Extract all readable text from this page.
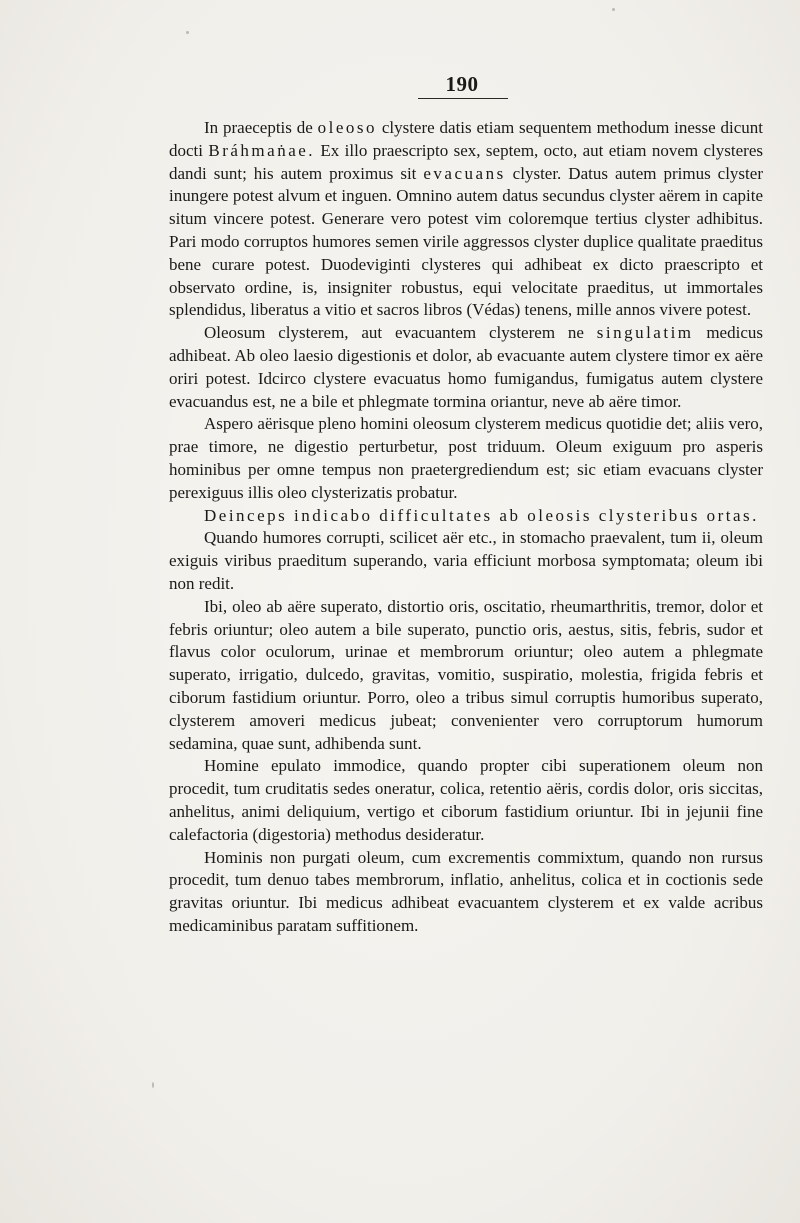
190

In praeceptis de oleoso clystere datis etiam sequentem methodum inesse dicunt docti Bráhmaṅae. Ex illo praescripto sex, septem, octo, aut etiam novem clysteres dandi sunt; his autem proximus sit evacuans clyster. Datus autem primus clyster inungere potest alvum et inguen. Omnino autem datus secundus clyster aërem in capite situm vincere potest. Generare vero potest vim coloremque tertius clyster adhibitus. Pari modo corruptos humores semen virile aggressos clyster duplice qualitate praeditus bene curare potest. Duodeviginti clysteres qui adhibeat ex dicto praescripto et observato ordine, is, insigniter robustus, equi velocitate praeditus, ut immortales splendidus, liberatus a vitio et sacros libros (Védas) tenens, mille annos vivere potest.

Oleosum clysterem, aut evacuantem clysterem ne singulatim medicus adhibeat. Ab oleo laesio digestionis et dolor, ab evacuante autem clystere timor ex aëre oriri potest. Idcirco clystere evacuatus homo fumigandus, fumigatus autem clystere evacuandus est, ne a bile et phlegmate tormina oriantur, neve ab aëre timor.

Aspero aërisque pleno homini oleosum clysterem medicus quotidie det; aliis vero, prae timore, ne digestio perturbetur, post triduum. Oleum exiguum pro asperis hominibus per omne tempus non praetergrediendum est; sic etiam evacuans clyster perexiguus illis oleo clysterizatis probatur.

Deinceps indicabo difficultates ab oleosis clysteribus ortas.

Quando humores corrupti, scilicet aër etc., in stomacho praevalent, tum ii, oleum exiguis viribus praeditum superando, varia efficiunt morbosa symptomata; oleum ibi non redit.

Ibi, oleo ab aëre superato, distortio oris, oscitatio, rheumarthritis, tremor, dolor et febris oriuntur; oleo autem a bile superato, punctio oris, aestus, sitis, febris, sudor et flavus color oculorum, urinae et membrorum oriuntur; oleo autem a phlegmate superato, irrigatio, dulcedo, gravitas, vomitio, suspiratio, molestia, frigida febris et ciborum fastidium oriuntur. Porro, oleo a tribus simul corruptis humoribus superato, clysterem amoveri medicus jubeat; convenienter vero corruptorum humorum sedamina, quae sunt, adhibenda sunt.

Homine epulato immodice, quando propter cibi superationem oleum non procedit, tum cruditatis sedes oneratur, colica, retentio aëris, cordis dolor, oris siccitas, anhelitus, animi deliquium, vertigo et ciborum fastidium oriuntur. Ibi in jejunii fine calefactoria (digestoria) methodus desideratur.

Hominis non purgati oleum, cum excrementis commixtum, quando non rursus procedit, tum denuo tabes membrorum, inflatio, anhelitus, colica et in coctionis sede gravitas oriuntur. Ibi medicus adhibeat evacuantem clysterem et ex valde acribus medicaminibus paratam suffitionem.
